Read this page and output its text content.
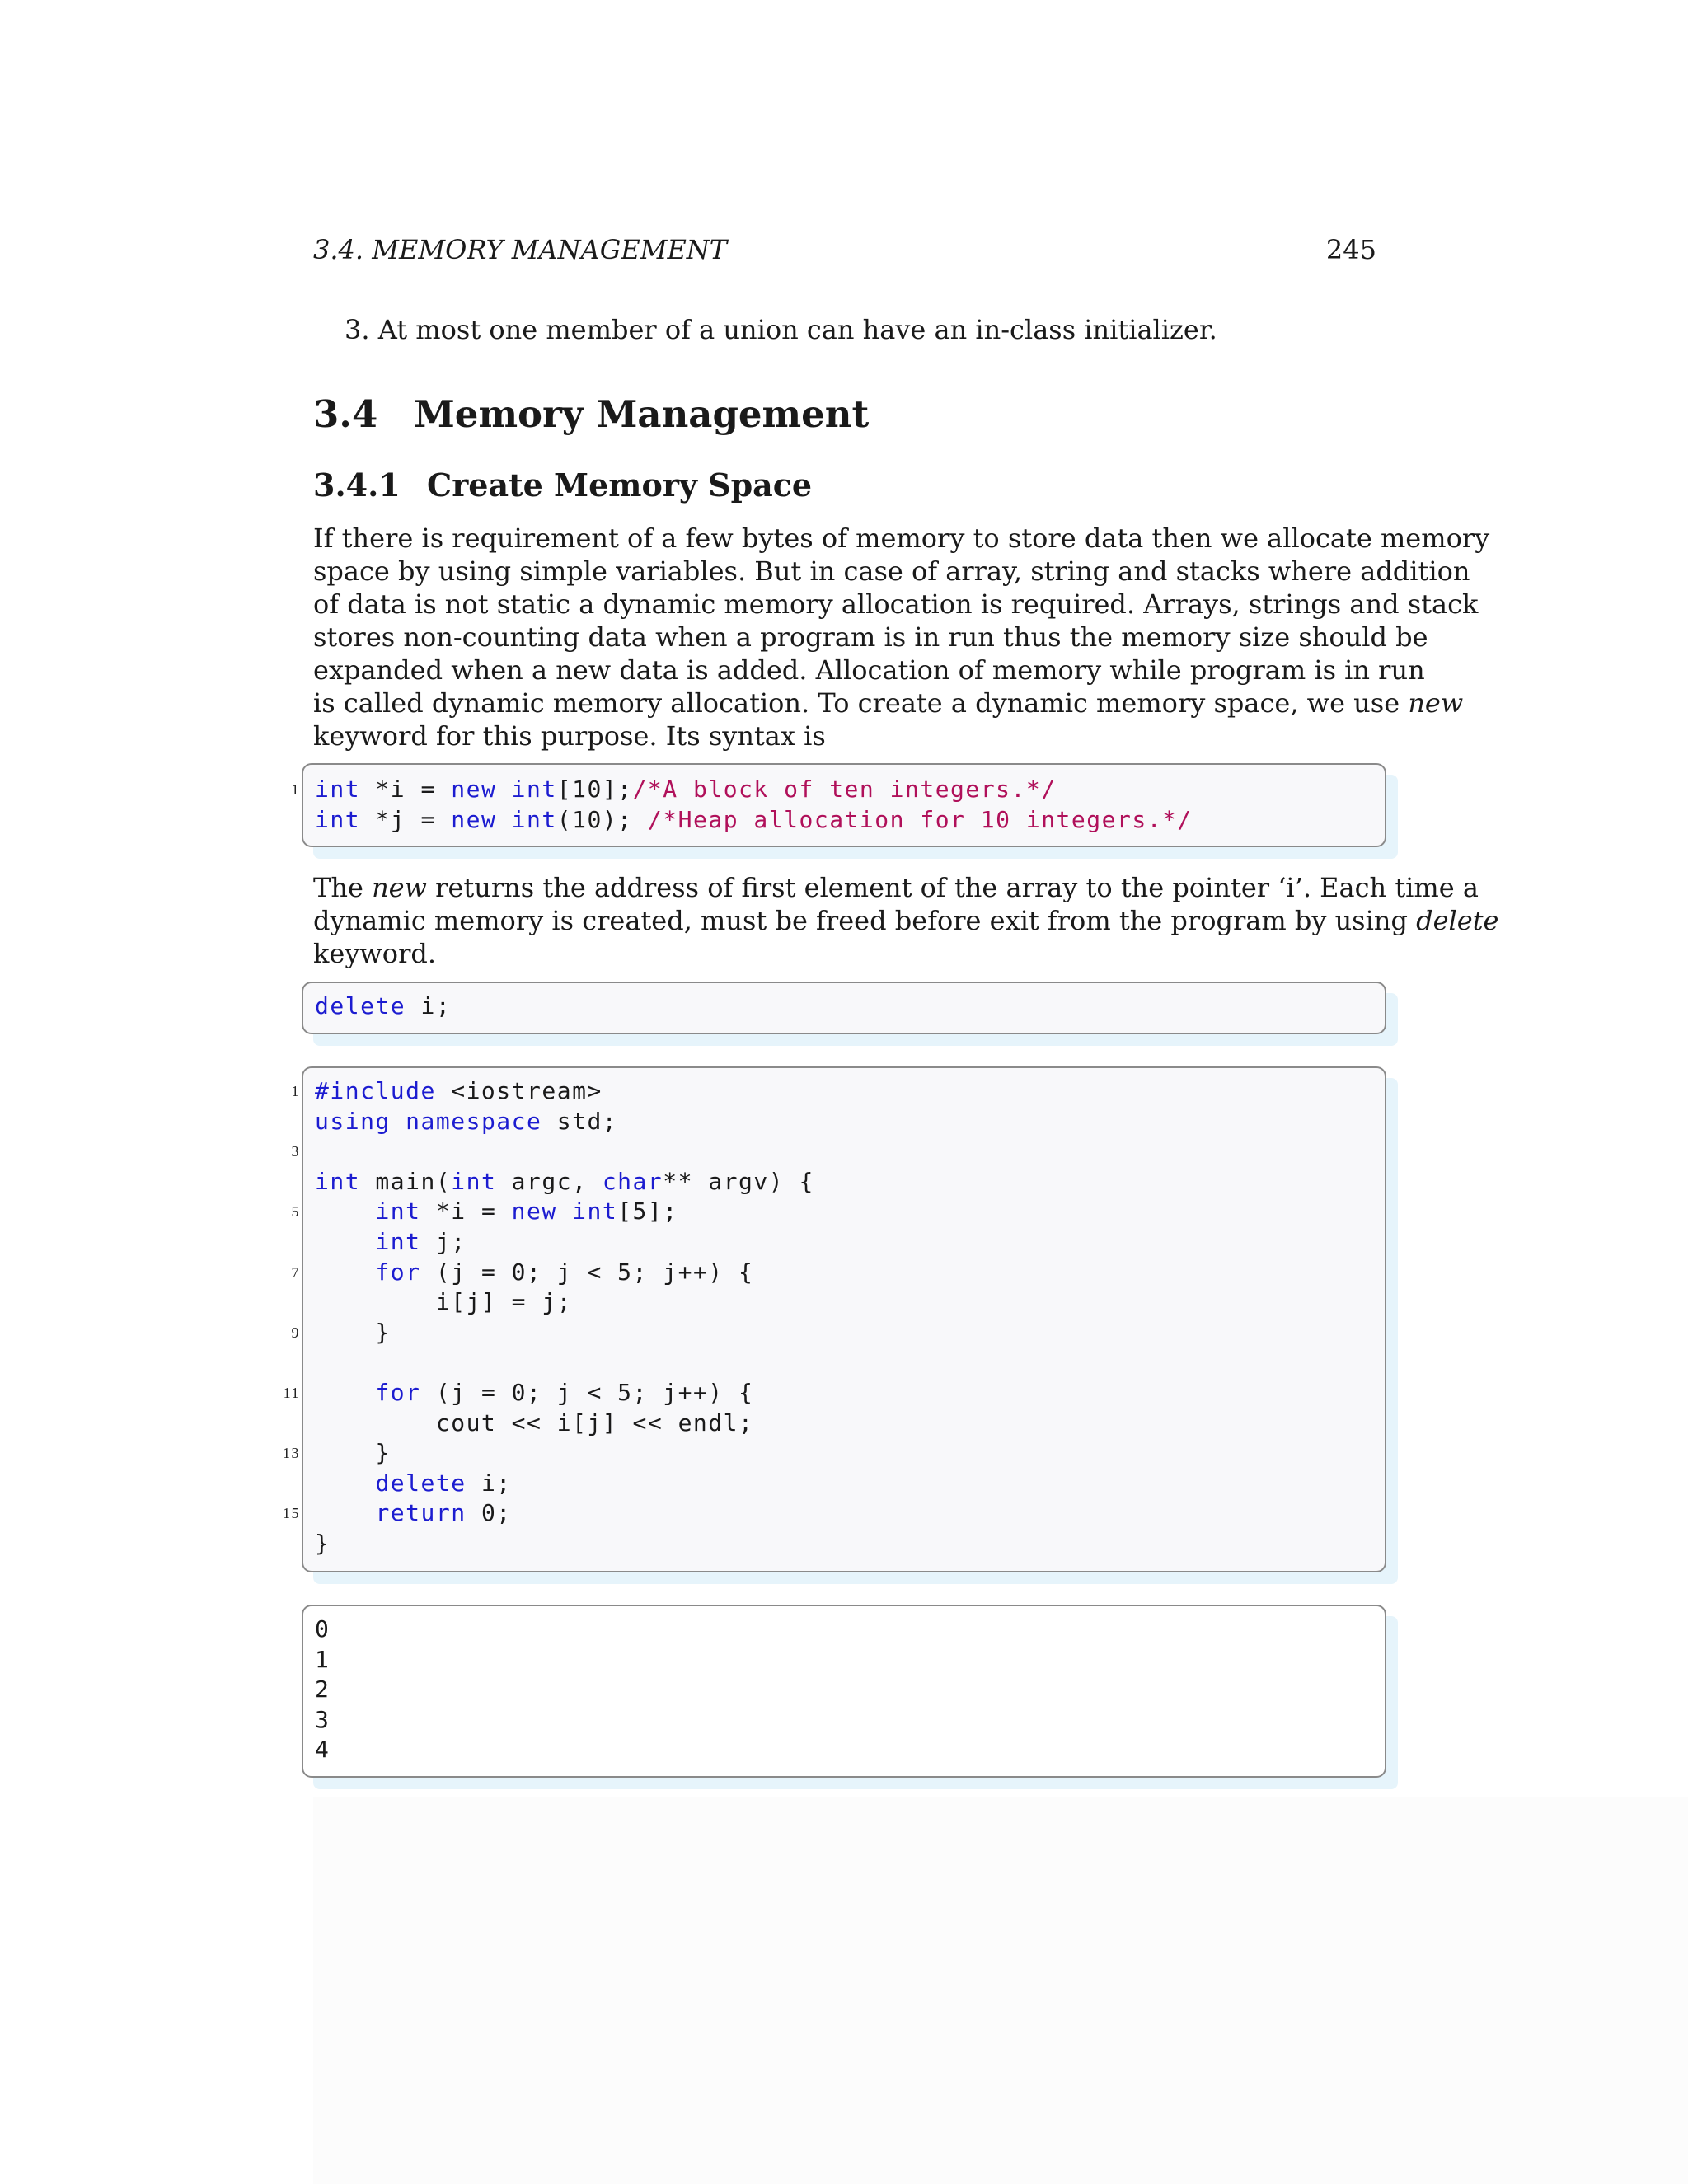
3.4. MEMORY MANAGEMENT	245
3. At most one member of a union can have an in-class initializer.
3.4 Memory Management
3.4.1 Create Memory Space
If there is requirement of a few bytes of memory to store data then we allocate memory
space by using simple variables. But in case of array, string and stacks where addition
of data is not static a dynamic memory allocation is required. Arrays, strings and stack
stores non-counting data when a program is in run thus the memory size should be
expanded when a new data is added. Allocation of memory while program is in run
is called dynamic memory allocation. To create a dynamic memory space, we use new
keyword for this purpose. Its syntax is
1 int *i = new int[10];/*A block of ten integers.*/
int *j = new int(10); /*Heap allocation for 10 integers.*/
The new returns the address of first element of the array to the pointer ‘i’. Each time a
dynamic memory is created, must be freed before exit from the program by using delete
keyword.
delete i;
1 #include <iostream>
using namespace std;
3
int main(int argc, char** argv) {
5	int *i = new int[5];
int j;
7	for (j = 0; j < 5; j++) {
i[j] = j;
9	}

11	for (j = 0; j < 5; j++) {
cout << i[j] << endl;
13	}
delete i;
15	return 0;
}
0
1
2
3
4
